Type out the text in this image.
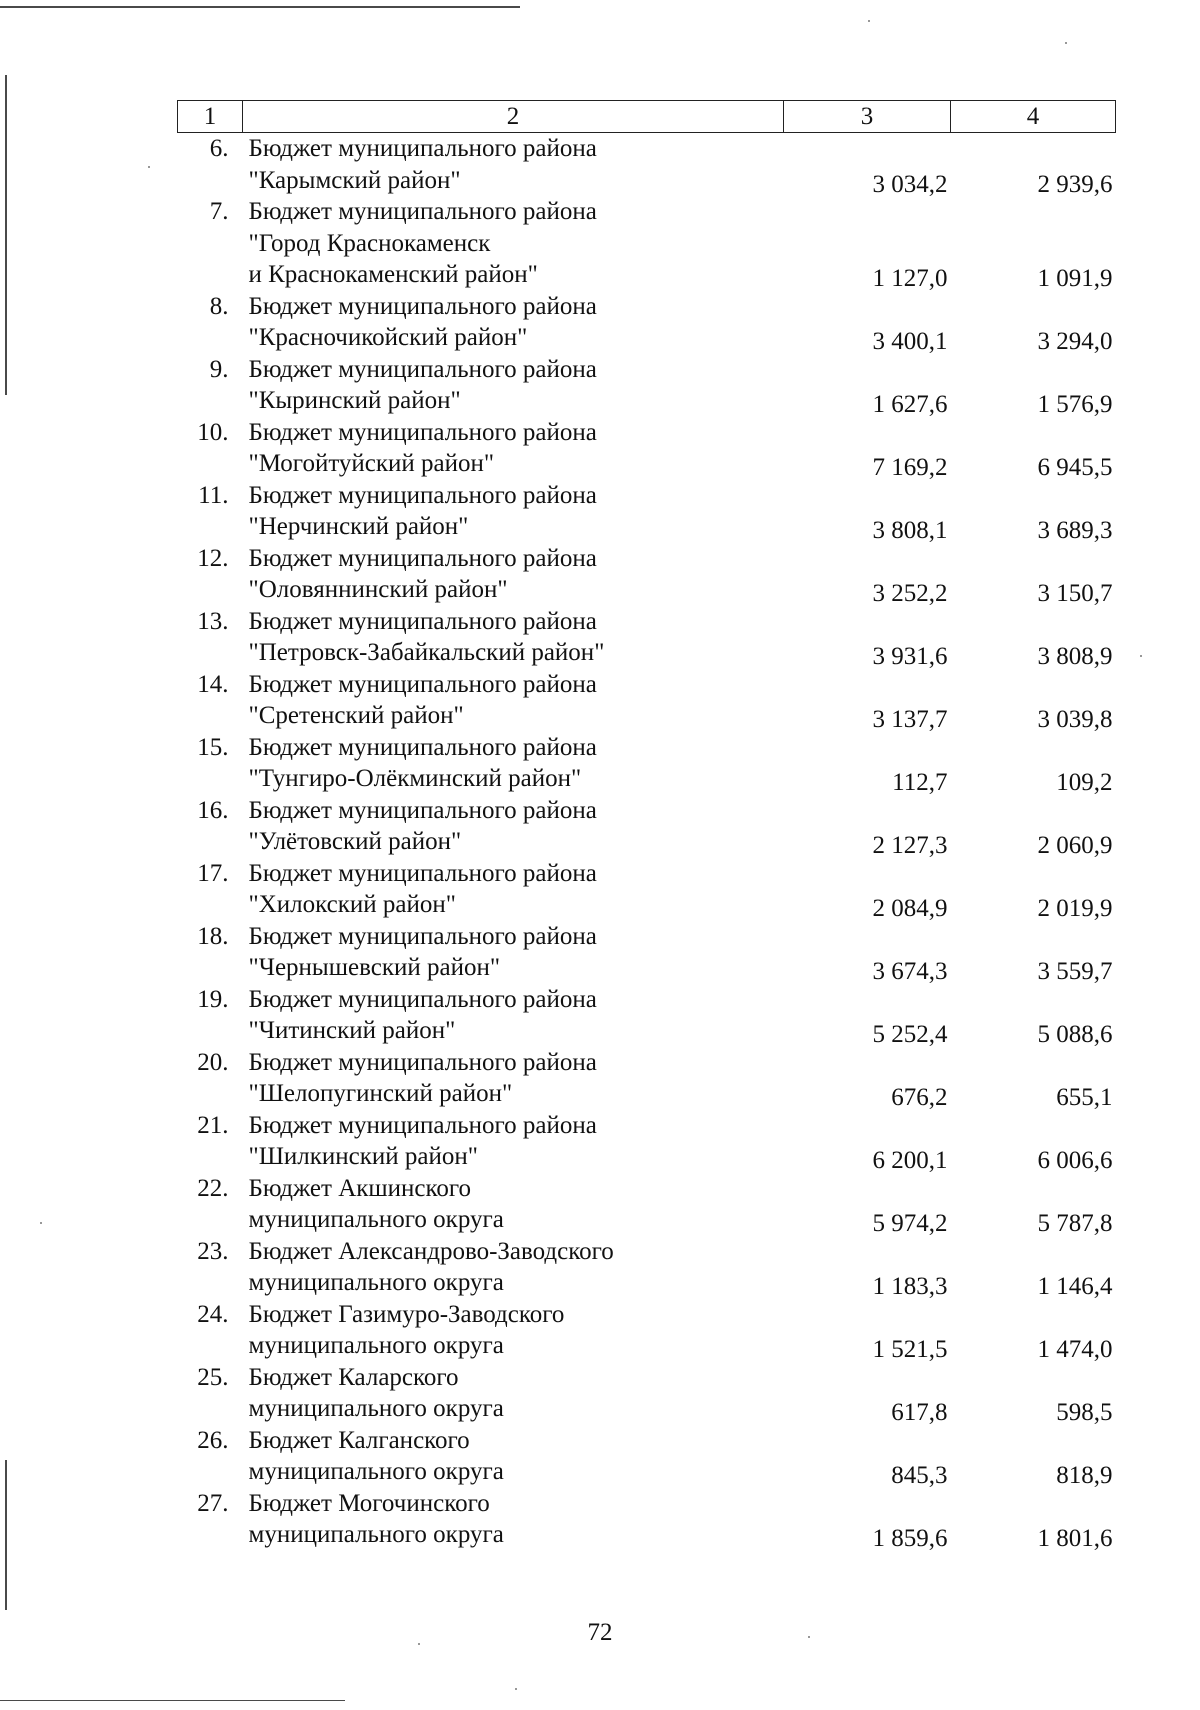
1	2	3	4
6.	Бюджет муниципального района
"Карымский район"	3 034,2	2 939,6
7.	Бюджет муниципального района
"Город Краснокаменск
и Краснокаменский район"	1 127,0	1 091,9
8.	Бюджет муниципального района
"Красночикойский район"	3 400,1	3 294,0
9.	Бюджет муниципального района
"Кыринский район"	1 627,6	1 576,9
10.	Бюджет муниципального района
"Могойтуйский район"	7 169,2	6 945,5
11.	Бюджет муниципального района
"Нерчинский район"	3 808,1	3 689,3
12.	Бюджет муниципального района
"Оловяннинский район"	3 252,2	3 150,7
13.	Бюджет муниципального района
"Петровск-Забайкальский район"	3 931,6	3 808,9
14.	Бюджет муниципального района
"Сретенский район"	3 137,7	3 039,8
15.	Бюджет муниципального района
"Тунгиро-Олёкминский район"	112,7	109,2
16.	Бюджет муниципального района
"Улётовский район"	2 127,3	2 060,9
17.	Бюджет муниципального района
"Хилокский район"	2 084,9	2 019,9
18.	Бюджет муниципального района
"Чернышевский район"	3 674,3	3 559,7
19.	Бюджет муниципального района
"Читинский район"	5 252,4	5 088,6
20.	Бюджет муниципального района
"Шелопугинский район"	676,2	655,1
21.	Бюджет муниципального района
"Шилкинский район"	6 200,1	6 006,6
22.	Бюджет Акшинского
муниципального округа	5 974,2	5 787,8
23.	Бюджет Александрово-Заводского
муниципального округа	1 183,3	1 146,4
24.	Бюджет Газимуро-Заводского
муниципального округа	1 521,5	1 474,0
25.	Бюджет Каларского
муниципального округа	617,8	598,5
26.	Бюджет Калганского
муниципального округа	845,3	818,9
27.	Бюджет Могочинского
муниципального округа	1 859,6	1 801,6
72
